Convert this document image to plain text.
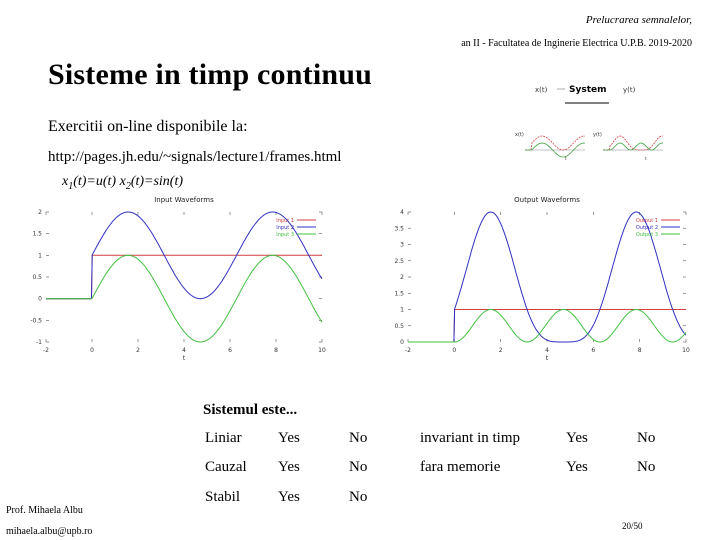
Prelucrarea semnalelor,
an II - Facultatea de Inginerie Electrica U.P.B. 2019-2020
Sisteme in timp continuu
Exercitii on-line disponibile la:
http://pages.jh.edu/~signals/lecture1/frames.html
$x_1(t)=u(t)$ $x_2(t)=\sin(t)$
x(t) System y(t)
x(t)
t
y(t)
t
Input Waveforms
-2	0	2	4	6	8	10
2
1.5
1
0.5
0
-0.5
-1
t
Input 1
Input 2
Input 3
Output Waveforms
-2	0	2	4	6	8	10
4
3.5
3
2.5
2
1.5
1
0.5
0
t
Output 1
Output 2
Output 3
Sistemul este...
Liniar Yes	No	invariant in timp	Yes	No
Cauzal Yes	No	fara memorie	Yes	No
Stabil	Yes	No
Prof. Mihaela Albu
mihaela.albu@upb.ro	20/50
